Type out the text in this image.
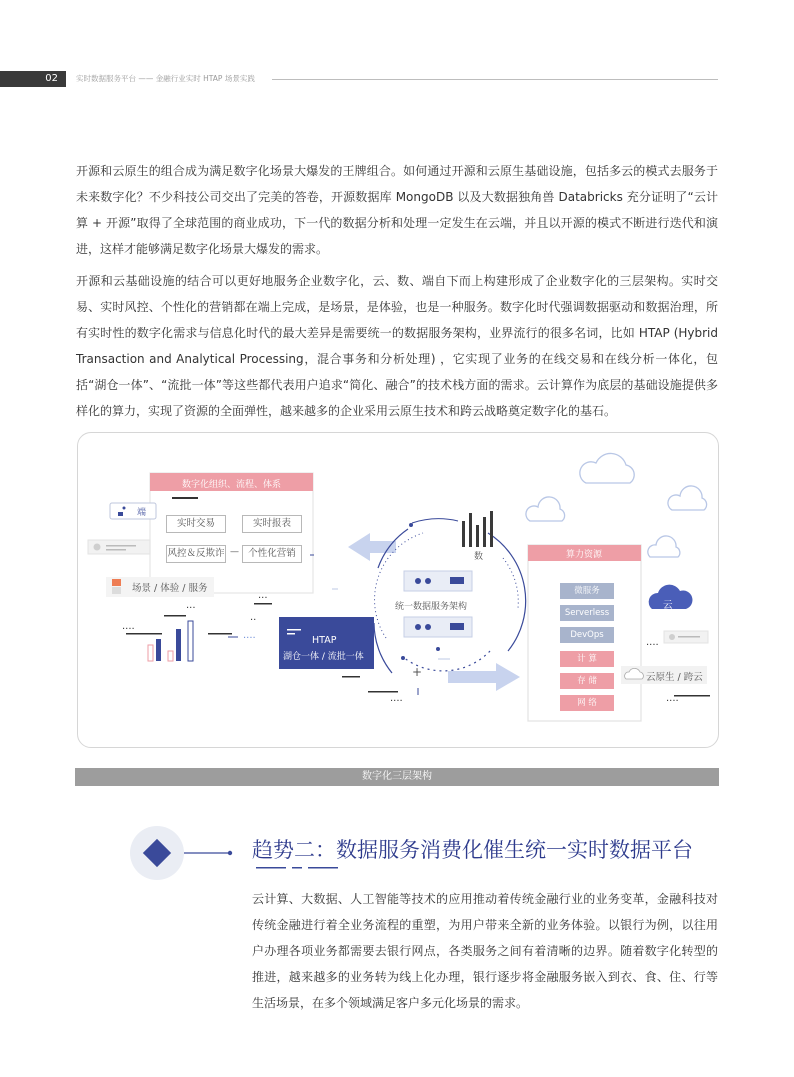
02	实时数据服务平台 —— 金融行业实时 HTAP 场景实践

开源和云原生的组合成为满足数字化场景大爆发的王牌组合。如何通过开源和云原生基础设施，包括多云的模式去服务于未来数字化？不少科技公司交出了完美的答卷，开源数据库 MongoDB 以及大数据独角兽 Databricks 充分证明了“云计算 + 开源”取得了全球范围的商业成功，下一代的数据分析和处理一定发生在云端，并且以开源的模式不断进行迭代和演进，这样才能够满足数字化场景大爆发的需求。

开源和云基础设施的结合可以更好地服务企业数字化，云、数、端自下而上构建形成了企业数字化的三层架构。实时交易、实时风控、个性化的营销都在端上完成，是场景，是体验，也是一种服务。数字化时代强调数据驱动和数据治理，所有实时性的数字化需求与信息化时代的最大差异是需要统一的数据服务架构，业界流行的很多名词，比如 HTAP (Hybrid Transaction and Analytical Processing，混合事务和分析处理) ，它实现了业务的在线交易和在线分析一体化，包括“湖仓一体”、“流批一体”等这些都代表用户追求“简化、融合”的技术栈方面的需求。云计算作为底层的基础设施提供多样化的算力，实现了资源的全面弹性，越来越多的企业采用云原生技术和跨云战略奠定数字化的基石。

....
...
...
..
....
....
....
....
数字化组织、流程、体系
端
实时交易	实时报表
风控＆反欺诈 — 个性化营销
场景 / 体验 / 服务
数
统一数据服务架构
HTAP
湖仓一体 / 流批一体
算力资源
微服务
Serverless
DevOps
计 算
存 储
网 络
云
云原生 / 跨云
+
数字化三层架构
趋势二：数据服务消费化催生统一实时数据平台

云计算、大数据、人工智能等技术的应用推动着传统金融行业的业务变革，金融科技对传统金融进行着全业务流程的重塑，为用户带来全新的业务体验。以银行为例，以往用户办理各项业务都需要去银行网点，各类服务之间有着清晰的边界。随着数字化转型的推进，越来越多的业务转为线上化办理，银行逐步将金融服务嵌入到衣、食、住、行等生活场景，在多个领域满足客户多元化场景的需求。
